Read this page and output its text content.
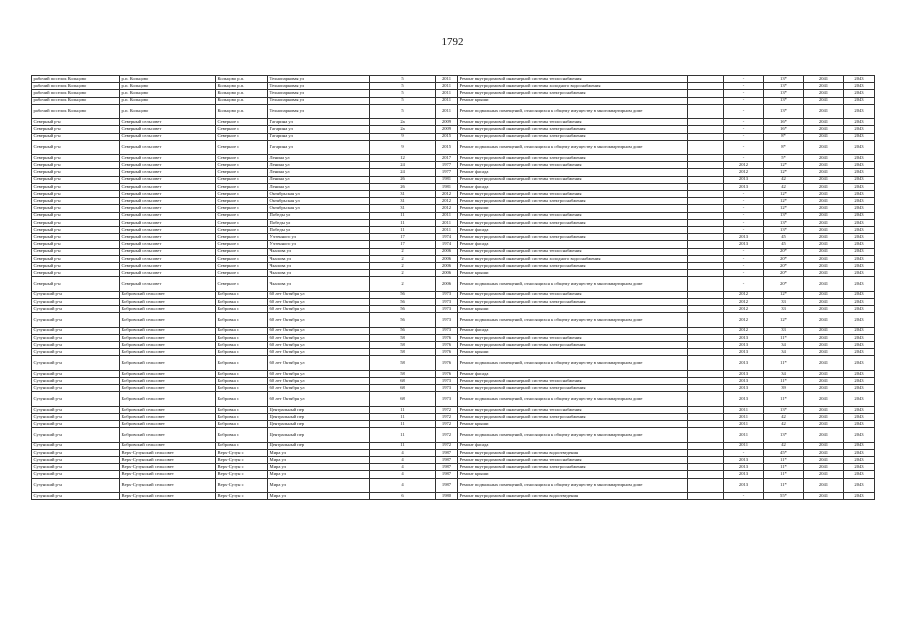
1792
рабочий поселок Кольцово	р.п. Кольцово	Кольцово р.п.	Технопарковая ул	5	2011	Ремонт внутридомовой инженерной системы теплоснабжения		-	13*	2041	2043
рабочий поселок Кольцово	р.п. Кольцово	Кольцово р.п.	Технопарковая ул	5	2011	Ремонт внутридомовой инженерной системы холодного водоснабжения		-	13*	2041	2043
рабочий поселок Кольцово	р.п. Кольцово	Кольцово р.п.	Технопарковая ул	5	2011	Ремонт внутридомовой инженерной системы электроснабжения		-	13*	2041	2043
рабочий поселок Кольцово	р.п. Кольцово	Кольцово р.п.	Технопарковая ул	5	2011	Ремонт крыши		-	13*	2041	2043
рабочий поселок Кольцово	р.п. Кольцово	Кольцово р.п.	Технопарковая ул	5	2011	Ремонт подвальных помещений, относящихся к общему имуществу в многоквартирном доме		-	13*	2041	2043
Северный р-н	Северный сельсовет	Северное с	Гагарина ул	2а	2009	Ремонт внутридомовой инженерной системы теплоснабжения		-	16*	2041	2043
Северный р-н	Северный сельсовет	Северное с	Гагарина ул	2а	2009	Ремонт внутридомовой инженерной системы электроснабжения		-	16*	2041	2043
Северный р-н	Северный сельсовет	Северное с	Гагарина ул	9	2015	Ремонт внутридомовой инженерной системы электроснабжения		-	8*	2041	2043
Северный р-н	Северный сельсовет	Северное с	Гагарина ул	9	2015	Ремонт подвальных помещений, относящихся к общему имуществу в многоквартирном доме		-	8*	2041	2043
Северный р-н	Северный сельсовет	Северное с	Ленина ул	12	2017	Ремонт внутридомовой инженерной системы электроснабжения		-	5*	2041	2043
Северный р-н	Северный сельсовет	Северное с	Ленина ул	24	1977	Ремонт внутридомовой инженерной системы теплоснабжения		2012	12*	2041	2043
Северный р-н	Северный сельсовет	Северное с	Ленина ул	24	1977	Ремонт фасада		2012	12*	2041	2043
Северный р-н	Северный сельсовет	Северное с	Ленина ул	26	1981	Ремонт внутридомовой инженерной системы теплоснабжения		2013	42	2041	2043
Северный р-н	Северный сельсовет	Северное с	Ленина ул	26	1981	Ремонт фасада		2013	42	2041	2043
Северный р-н	Северный сельсовет	Северное с	Октябрьская ул	31	2012	Ремонт внутридомовой инженерной системы теплоснабжения		-	12*	2041	2043
Северный р-н	Северный сельсовет	Северное с	Октябрьская ул	31	2012	Ремонт внутридомовой инженерной системы электроснабжения		-	12*	2041	2043
Северный р-н	Северный сельсовет	Северное с	Октябрьская ул	31	2012	Ремонт крыши		-	12*	2041	2043
Северный р-н	Северный сельсовет	Северное с	Победы ул	11	2011	Ремонт внутридомовой инженерной системы теплоснабжения		-	13*	2041	2043
Северный р-н	Северный сельсовет	Северное с	Победы ул	11	2011	Ремонт внутридомовой инженерной системы электроснабжения		-	13*	2041	2043
Северный р-н	Северный сельсовет	Северное с	Победы ул	11	2011	Ремонт фасада		-	13*	2041	2043
Северный р-н	Северный сельсовет	Северное с	Учтенного ул	17	1974	Ремонт внутридомовой инженерной системы электроснабжения		2013	45	2041	2043
Северный р-н	Северный сельсовет	Северное с	Учтенного ул	17	1974	Ремонт фасада		2013	45	2041	2043
Северный р-н	Северный сельсовет	Северное с	Чкалова ул	2	2006	Ремонт внутридомовой инженерной системы теплоснабжения		-	20*	2041	2043
Северный р-н	Северный сельсовет	Северное с	Чкалова ул	2	2006	Ремонт внутридомовой инженерной системы холодного водоснабжения		-	20*	2041	2043
Северный р-н	Северный сельсовет	Северное с	Чкалова ул	2	2006	Ремонт внутридомовой инженерной системы электроснабжения		-	20*	2041	2043
Северный р-н	Северный сельсовет	Северное с	Чкалова ул	2	2006	Ремонт крыши		-	20*	2041	2043
Северный р-н	Северный сельсовет	Северное с	Чкалова ул	2	2006	Ремонт подвальных помещений, относящихся к общему имуществу в многоквартирном доме		-	20*	2041	2043
Сузунский р-н	Бобровский сельсовет	Бобровка с	60 лет Октября ул	56	1973	Ремонт внутридомовой инженерной системы теплоснабжения		2012	12*	2041	2043
Сузунский р-н	Бобровский сельсовет	Бобровка с	60 лет Октября ул	56	1973	Ремонт внутридомовой инженерной системы электроснабжения		2012	33	2041	2043
Сузунский р-н	Бобровский сельсовет	Бобровка с	60 лет Октября ул	56	1973	Ремонт крыши		2012	33	2041	2043
Сузунский р-н	Бобровский сельсовет	Бобровка с	60 лет Октября ул	56	1973	Ремонт подвальных помещений, относящихся к общему имуществу в многоквартирном доме		2012	12*	2041	2043
Сузунский р-н	Бобровский сельсовет	Бобровка с	60 лет Октября ул	56	1973	Ремонт фасада		2012	33	2041	2043
Сузунский р-н	Бобровский сельсовет	Бобровка с	60 лет Октября ул	58	1976	Ремонт внутридомовой инженерной системы теплоснабжения		2013	11*	2041	2043
Сузунский р-н	Бобровский сельсовет	Бобровка с	60 лет Октября ул	58	1976	Ремонт внутридомовой инженерной системы электроснабжения		2013	34	2041	2043
Сузунский р-н	Бобровский сельсовет	Бобровка с	60 лет Октября ул	58	1976	Ремонт крыши		2013	34	2041	2043
Сузунский р-н	Бобровский сельсовет	Бобровка с	60 лет Октября ул	58	1976	Ремонт подвальных помещений, относящихся к общему имуществу в многоквартирном доме		2013	11*	2041	2043
Сузунский р-н	Бобровский сельсовет	Бобровка с	60 лет Октября ул	58	1976	Ремонт фасада		2013	34	2041	2043
Сузунский р-н	Бобровский сельсовет	Бобровка с	60 лет Октября ул	68	1973	Ремонт внутридомовой инженерной системы теплоснабжения		2013	11*	2041	2043
Сузунский р-н	Бобровский сельсовет	Бобровка с	60 лет Октября ул	68	1973	Ремонт внутридомовой инженерной системы электроснабжения		2013	39	2041	2043
Сузунский р-н	Бобровский сельсовет	Бобровка с	60 лет Октября ул	68	1973	Ремонт подвальных помещений, относящихся к общему имуществу в многоквартирном доме		2013	11*	2041	2043
Сузунский р-н	Бобровский сельсовет	Бобровка с	Центральный пер	11	1972	Ремонт внутридомовой инженерной системы теплоснабжения		2011	13*	2041	2043
Сузунский р-н	Бобровский сельсовет	Бобровка с	Центральный пер	11	1972	Ремонт внутридомовой инженерной системы электроснабжения		2011	42	2041	2043
Сузунский р-н	Бобровский сельсовет	Бобровка с	Центральный пер	11	1972	Ремонт крыши		2011	42	2041	2043
Сузунский р-н	Бобровский сельсовет	Бобровка с	Центральный пер	11	1972	Ремонт подвальных помещений, относящихся к общему имуществу в многоквартирном доме		2011	13*	2041	2043
Сузунский р-н	Бобровский сельсовет	Бобровка с	Центральный пер	11	1972	Ремонт фасада		2011	42	2041	2043
Сузунский р-н	Верх-Сузунский сельсовет	Верх-Сузун с	Мира ул	4	1987	Ремонт внутридомовой инженерной системы водоотведения		-	45*	2041	2043
Сузунский р-н	Верх-Сузунский сельсовет	Верх-Сузун с	Мира ул	4	1987	Ремонт внутридомовой инженерной системы теплоснабжения		2013	11*	2041	2043
Сузунский р-н	Верх-Сузунский сельсовет	Верх-Сузун с	Мира ул	4	1987	Ремонт внутридомовой инженерной системы электроснабжения		2013	11*	2041	2043
Сузунский р-н	Верх-Сузунский сельсовет	Верх-Сузун с	Мира ул	4	1987	Ремонт крыши		2013	11*	2041	2043
Сузунский р-н	Верх-Сузунский сельсовет	Верх-Сузун с	Мира ул	4	1987	Ремонт подвальных помещений, относящихся к общему имуществу в многоквартирном доме		2013	11*	2041	2043
Сузунский р-н	Верх-Сузунский сельсовет	Верх-Сузун с	Мира ул	6	1980	Ремонт внутридомовой инженерной системы водоотведения		-	55*	2041	2043
